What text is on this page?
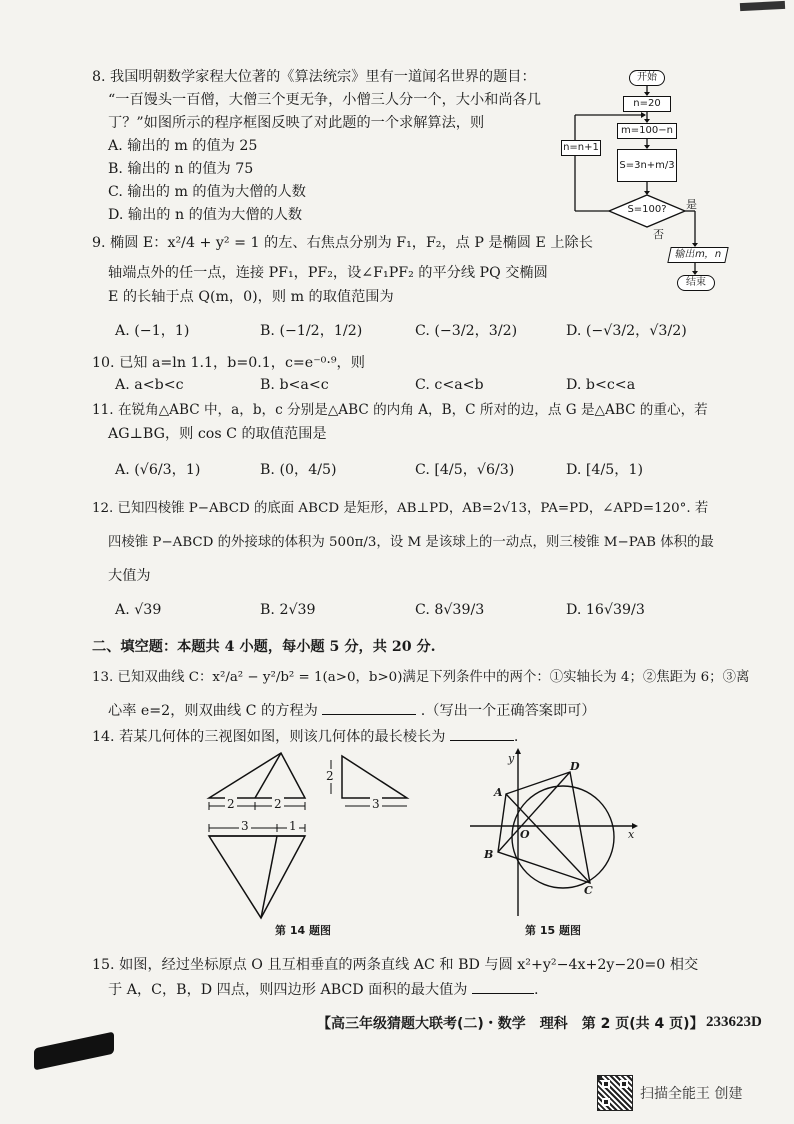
8. 我国明朝数学家程大位著的《算法统宗》里有一道闻名世界的题目：
“一百馒头一百僧，大僧三个更无争，小僧三人分一个，大小和尚各几
丁？”如图所示的程序框图反映了对此题的一个求解算法，则
A. 输出的 m 的值为 25
B. 输出的 n 的值为 75
C. 输出的 m 的值为大僧的人数
D. 输出的 n 的值为大僧的人数
开始
n=20
m=100−n
S=3n+m/3
S=100? 是
否
n=n+1
输出m，n
结束
9. 椭圆 E：x²/4 + y² = 1 的左、右焦点分别为 F₁，F₂，点 P 是椭圆 E 上除长
轴端点外的任一点，连接 PF₁，PF₂，设∠F₁PF₂ 的平分线 PQ 交椭圆
E 的长轴于点 Q(m，0)，则 m 的取值范围为
A. (−1，1)	B. (−1/2，1/2)	C. (−3/2，3/2)	D. (−√3/2，√3/2)
10. 已知 a=ln 1.1，b=0.1，c=e⁻⁰·⁹，则
A. a<b<c	B. b<a<c	C. c<a<b	D. b<c<a
11. 在锐角△ABC 中，a，b，c 分别是△ABC 的内角 A，B，C 所对的边，点 G 是△ABC 的重心，若
AG⊥BG，则 cos C 的取值范围是
A. (√6/3，1)	B. (0，4/5)	C. [4/5，√6/3)	D. [4/5，1)
12. 已知四棱锥 P−ABCD 的底面 ABCD 是矩形，AB⊥PD，AB=2√13，PA=PD，∠APD=120°. 若
四棱锥 P−ABCD 的外接球的体积为 500π/3，设 M 是该球上的一动点，则三棱锥 M−PAB 体积的最
大值为
A. √39	B. 2√39	C. 8√39/3	D. 16√39/3
二、填空题：本题共 4 小题，每小题 5 分，共 20 分.
13. 已知双曲线 C：x²/a² − y²/b² = 1(a>0，b>0)满足下列条件中的两个：①实轴长为 4；②焦距为 6；③离
心率 e=2，则双曲线 C 的方程为	.（写出一个正确答案即可）
14. 若某几何体的三视图如图，则该几何体的最长棱长为	.
2	2
2
3
3	1
第 14 题图
y
x
O
A
B
C
D
第 15 题图
15. 如图，经过坐标原点 O 且互相垂直的两条直线 AC 和 BD 与圆 x²+y²−4x+2y−20=0 相交
于 A，C，B，D 四点，则四边形 ABCD 面积的最大值为	.
【高三年级猜题大联考(二)・数学　理科　第 2 页(共 4 页)】 233623D
扫描全能王 创建
